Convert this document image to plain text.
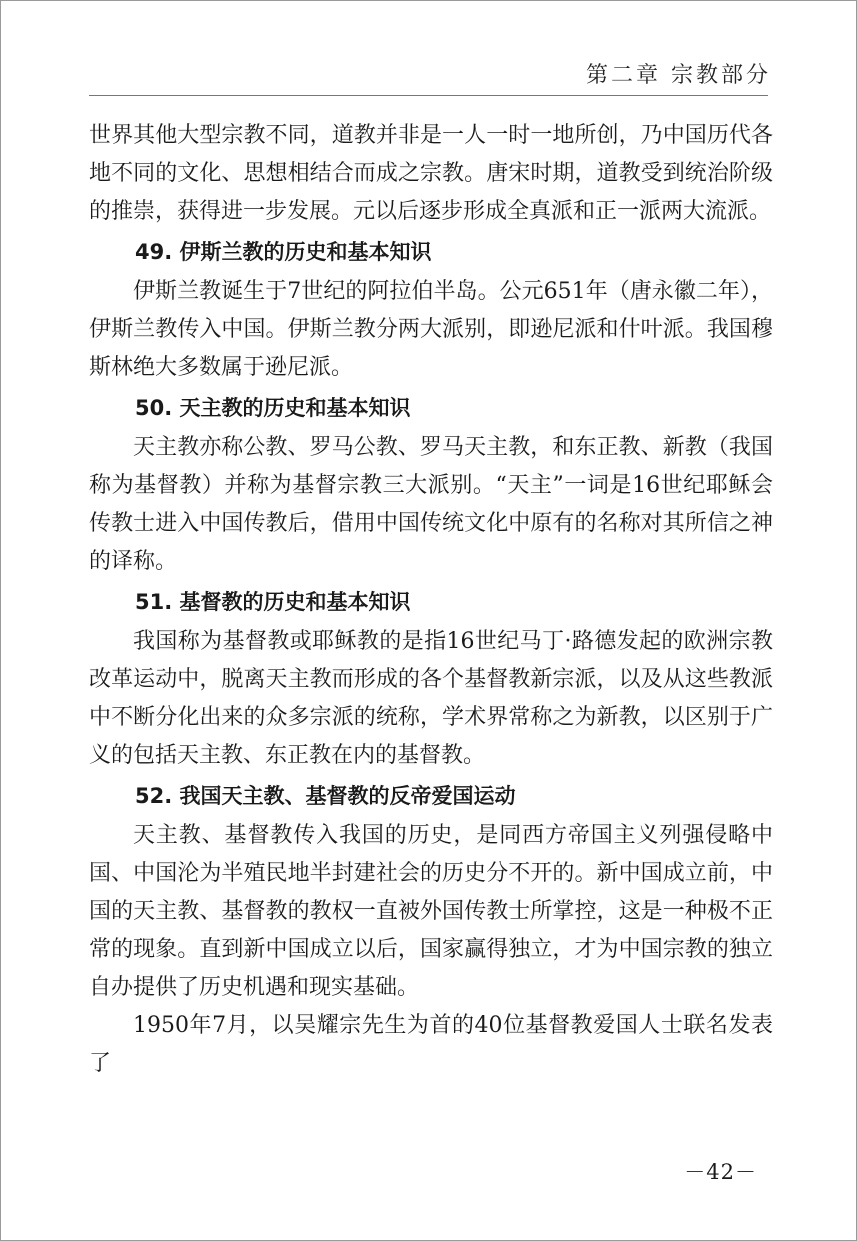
第二章 宗教部分

世界其他大型宗教不同，道教并非是一人一时一地所创，乃中国历代各地不同的文化、思想相结合而成之宗教。唐宋时期，道教受到统治阶级的推崇，获得进一步发展。元以后逐步形成全真派和正一派两大流派。

49. 伊斯兰教的历史和基本知识

伊斯兰教诞生于7世纪的阿拉伯半岛。公元651年（唐永徽二年），伊斯兰教传入中国。伊斯兰教分两大派别，即逊尼派和什叶派。我国穆斯林绝大多数属于逊尼派。

50. 天主教的历史和基本知识

天主教亦称公教、罗马公教、罗马天主教，和东正教、新教（我国称为基督教）并称为基督宗教三大派别。“天主”一词是16世纪耶稣会传教士进入中国传教后，借用中国传统文化中原有的名称对其所信之神的译称。

51. 基督教的历史和基本知识

我国称为基督教或耶稣教的是指16世纪马丁·路德发起的欧洲宗教改革运动中，脱离天主教而形成的各个基督教新宗派，以及从这些教派中不断分化出来的众多宗派的统称，学术界常称之为新教，以区别于广义的包括天主教、东正教在内的基督教。

52. 我国天主教、基督教的反帝爱国运动

天主教、基督教传入我国的历史，是同西方帝国主义列强侵略中国、中国沦为半殖民地半封建社会的历史分不开的。新中国成立前，中国的天主教、基督教的教权一直被外国传教士所掌控，这是一种极不正常的现象。直到新中国成立以后，国家赢得独立，才为中国宗教的独立自办提供了历史机遇和现实基础。

1950年7月，以吴耀宗先生为首的40位基督教爱国人士联名发表了

－42－
